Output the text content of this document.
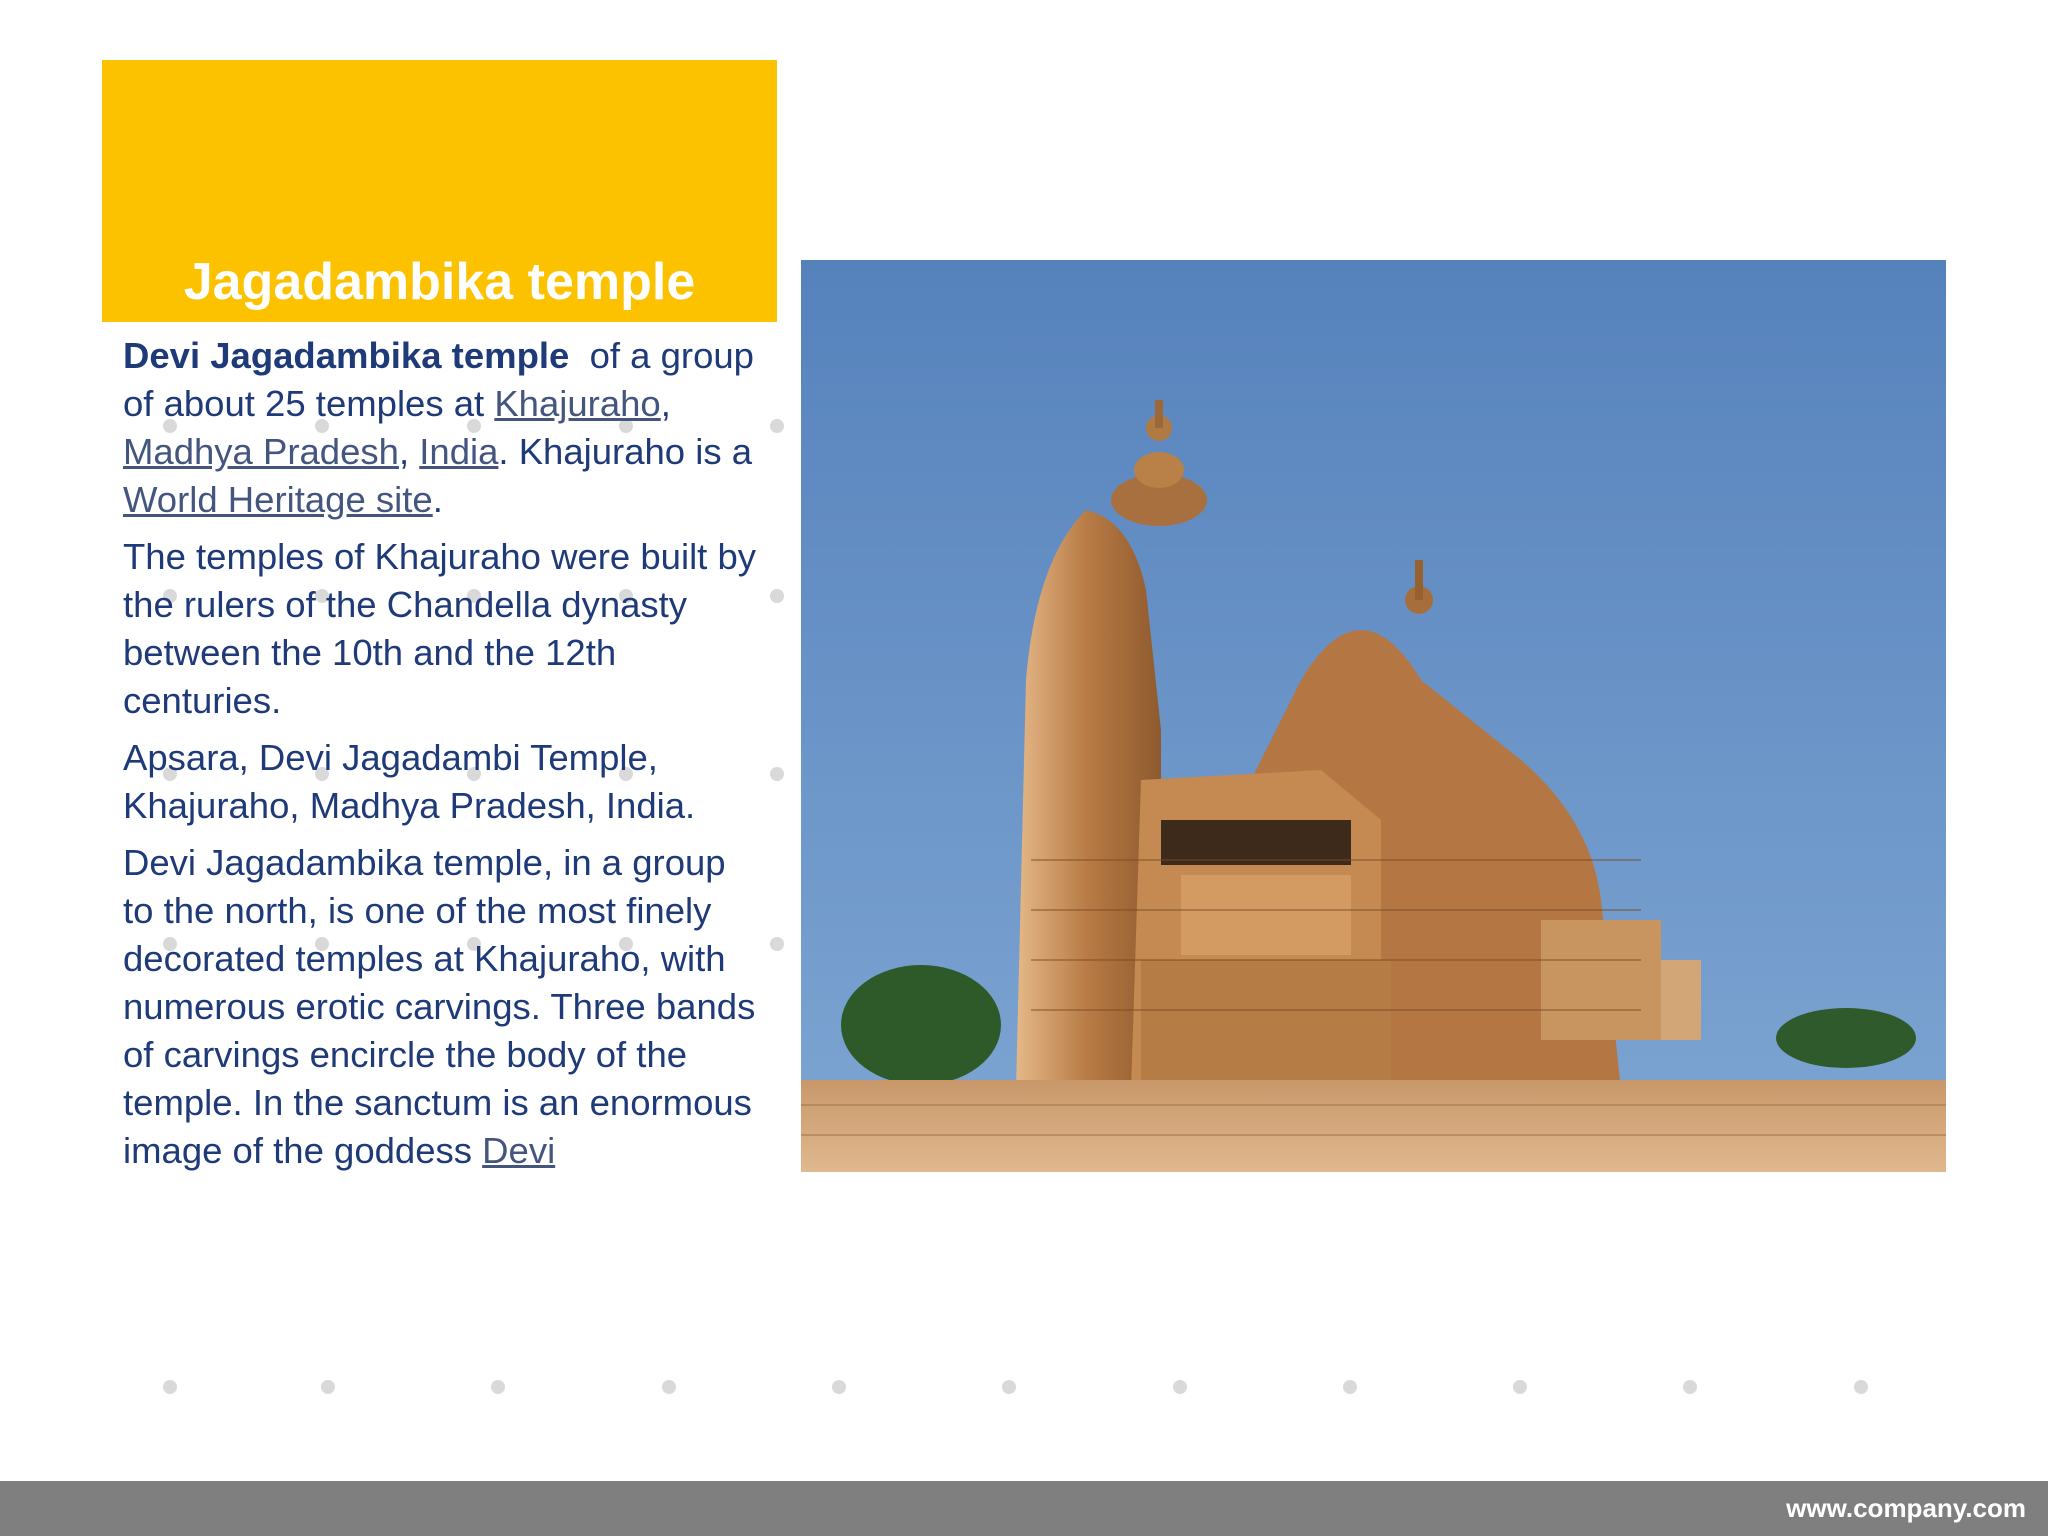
Jagadambika temple

Devi Jagadambika temple  of a group of about 25 temples at Khajuraho, Madhya Pradesh, India. Khajuraho is a World Heritage site.

The temples of Khajuraho were built by the rulers of the Chandella dynasty between the 10th and the 12th centuries.

Apsara, Devi Jagadambi Temple, Khajuraho, Madhya Pradesh, India.

Devi Jagadambika temple, in a group to the north, is one of the most finely decorated temples at Khajuraho, with numerous erotic carvings. Three bands of carvings encircle the body of the temple. In the sanctum is an enormous image of the goddess Devi

www.company.com
